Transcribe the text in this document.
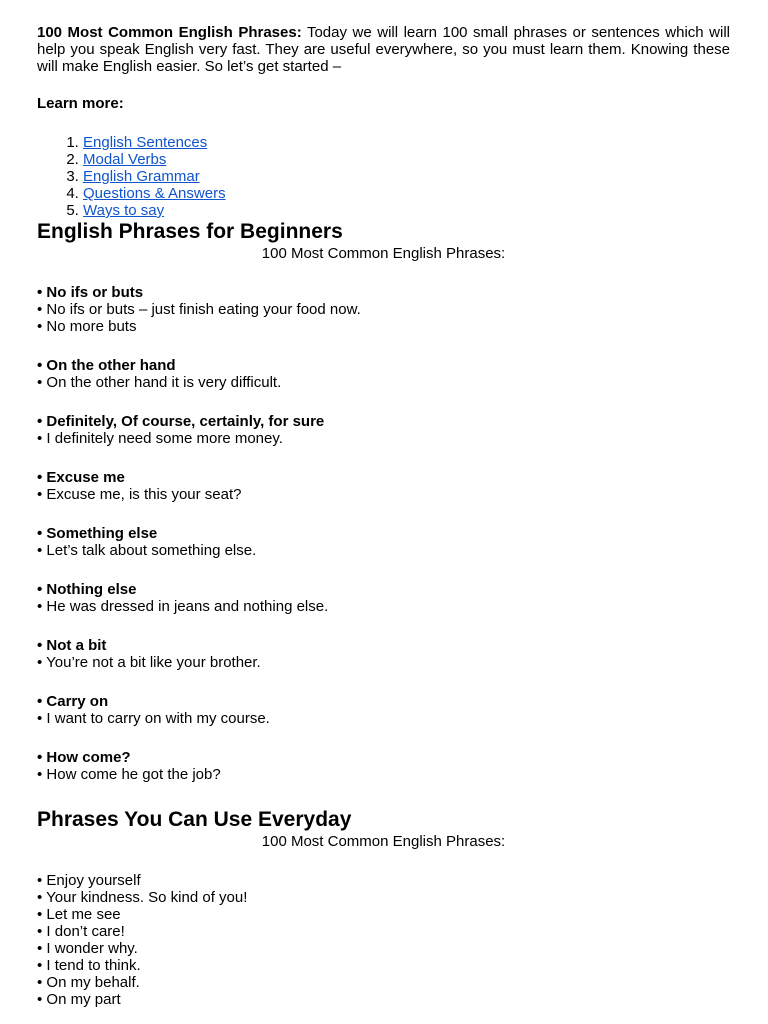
100 Most Common English Phrases: Today we will learn 100 small phrases or sentences which will help you speak English very fast. They are useful everywhere, so you must learn them. Knowing these will make English easier. So let’s get started –

Learn more:

1. English Sentences
2. Modal Verbs
3. English Grammar
4. Questions & Answers
5. Ways to say
English Phrases for Beginners

100 Most Common English Phrases:

• No ifs or buts

• No ifs or buts – just finish eating your food now.

• No more buts

• On the other hand

• On the other hand it is very difficult.

• Definitely, Of course, certainly, for sure

• I definitely need some more money.

• Excuse me

• Excuse me, is this your seat?

• Something else

• Let’s talk about something else.

• Nothing else

• He was dressed in jeans and nothing else.

• Not a bit

• You’re not a bit like your brother.

• Carry on

• I want to carry on with my course.

• How come?

• How come he got the job?

Phrases You Can Use Everyday

100 Most Common English Phrases:

• Enjoy yourself

• Your kindness. So kind of you!

• Let me see

• I don’t care!

• I wonder why.

• I tend to think.

• On my behalf.

• On my part
